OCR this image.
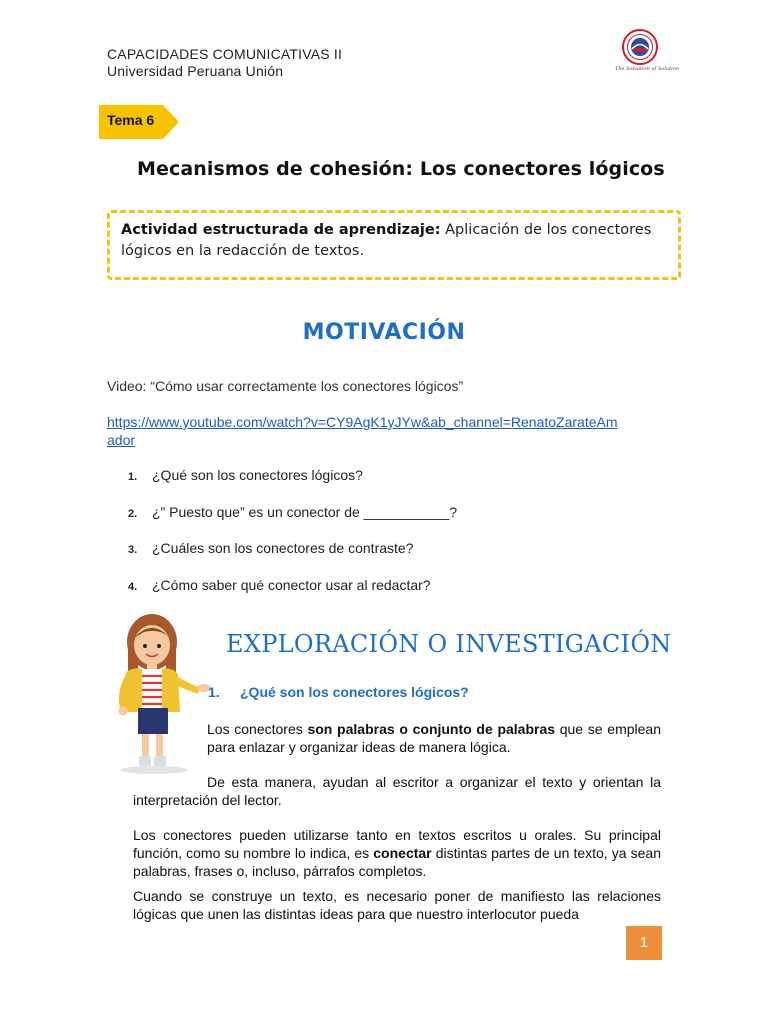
CAPACIDADES COMUNICATIVAS II
Universidad Peruana Unión	The Solvation of Solution
Tema 6
Mecanismos de cohesión: Los conectores lógicos
Actividad estructurada de aprendizaje: Aplicación de los conectores lógicos en la redacción de textos.
MOTIVACIÓN
Video: “Cómo usar correctamente los conectores lógicos”
https://www.youtube.com/watch?v=CY9AgK1yJYw&ab_channel=RenatoZarateAm
ador
1. ¿Qué son los conectores lógicos?
2. ¿” Puesto que” es un conector de ___________?
3. ¿Cuáles son los conectores de contraste?
4. ¿Cómo saber qué conector usar al redactar?
EXPLORACIÓN O INVESTIGACIÓN
1. ¿Qué son los conectores lógicos?
Los conectores son palabras o conjunto de palabras que se emplean para enlazar y organizar ideas de manera lógica.
De esta manera, ayudan al escritor a organizar el texto y orientan la interpretación del lector.
Los conectores pueden utilizarse tanto en textos escritos u orales. Su principal función, como su nombre lo indica, es conectar distintas partes de un texto, ya sean palabras, frases o, incluso, párrafos completos.
Cuando se construye un texto, es necesario poner de manifiesto las relaciones lógicas que unen las distintas ideas para que nuestro interlocutor pueda
1
